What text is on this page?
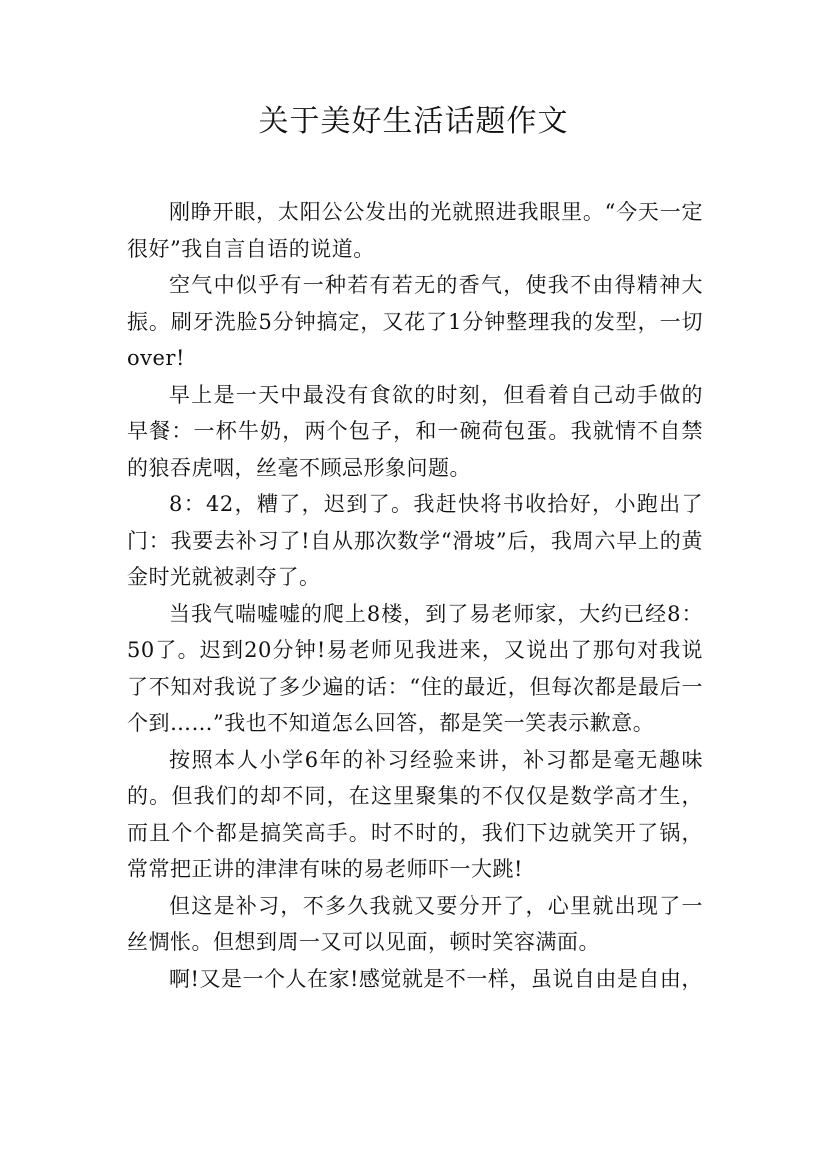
关于美好生活话题作文

刚睁开眼，太阳公公发出的光就照进我眼里。“今天一定很好”我自言自语的说道。

空气中似乎有一种若有若无的香气，使我不由得精神大振。刷牙洗脸5分钟搞定，又花了1分钟整理我的发型，一切over!

早上是一天中最没有食欲的时刻，但看着自己动手做的早餐：一杯牛奶，两个包子，和一碗荷包蛋。我就情不自禁的狼吞虎咽，丝毫不顾忌形象问题。

8：42，糟了，迟到了。我赶快将书收拾好，小跑出了门：我要去补习了!自从那次数学“滑坡”后，我周六早上的黄金时光就被剥夺了。

当我气喘嘘嘘的爬上8楼，到了易老师家，大约已经8：50了。迟到20分钟!易老师见我进来，又说出了那句对我说了不知对我说了多少遍的话：“住的最近，但每次都是最后一个到……”我也不知道怎么回答，都是笑一笑表示歉意。

按照本人小学6年的补习经验来讲，补习都是毫无趣味的。但我们的却不同，在这里聚集的不仅仅是数学高才生，而且个个都是搞笑高手。时不时的，我们下边就笑开了锅，常常把正讲的津津有味的易老师吓一大跳!

但这是补习，不多久我就又要分开了，心里就出现了一丝惆怅。但想到周一又可以见面，顿时笑容满面。

啊!又是一个人在家!感觉就是不一样，虽说自由是自由，
